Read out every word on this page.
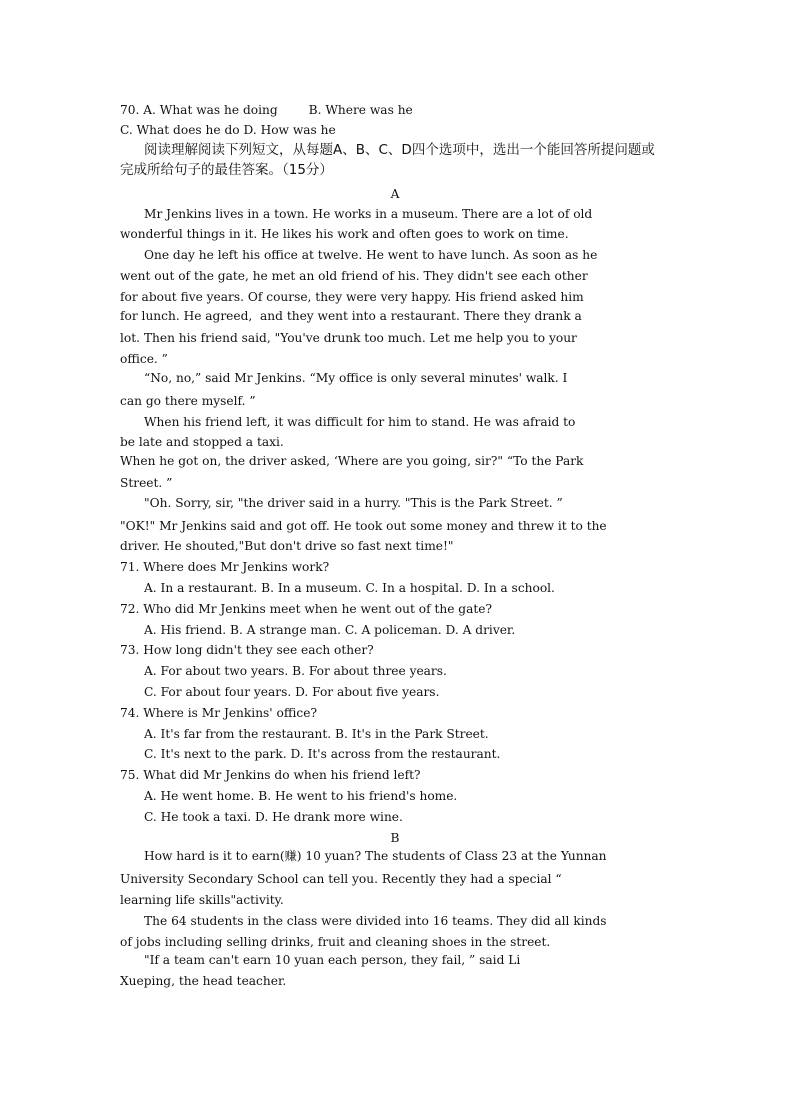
70. A. What was he doing        B. Where was he
C. What does he do D. How was he
阅读理解阅读下列短文，从每题A、B、C、D四个选项中，选出一个能回答所提问题或
完成所给句子的最佳答案。（15分）
A
Mr Jenkins lives in a town. He works in a museum. There are a lot of old
wonderful things in it. He likes his work and often goes to work on time.
One day he left his office at twelve. He went to have lunch. As soon as he
went out of the gate, he met an old friend of his. They didn't see each other
for about five years. Of course, they were very happy. His friend asked him
for lunch. He agreed,  and they went into a restaurant. There they drank a
lot. Then his friend said, "You've drunk too much. Let me help you to your
office. ”
“No, no,” said Mr Jenkins. “My office is only several minutes' walk. I
can go there myself. ”
When his friend left, it was difficult for him to stand. He was afraid to
be late and stopped a taxi.
When he got on, the driver asked, ‘Where are you going, sir?" “To the Park
Street. ”
"Oh. Sorry, sir, "the driver said in a hurry. "This is the Park Street. ”
"OK!" Mr Jenkins said and got off. He took out some money and threw it to the
driver. He shouted,"But don't drive so fast next time!"
71. Where does Mr Jenkins work?
A. In a restaurant. B. In a museum. C. In a hospital. D. In a school.
72. Who did Mr Jenkins meet when he went out of the gate?
A. His friend. B. A strange man. C. A policeman. D. A driver.
73. How long didn't they see each other?
A. For about two years. B. For about three years.
C. For about four years. D. For about five years.
74. Where is Mr Jenkins' office?
A. It's far from the restaurant. B. It's in the Park Street.
C. It's next to the park. D. It's across from the restaurant.
75. What did Mr Jenkins do when his friend left?
A. He went home. B. He went to his friend's home.
C. He took a taxi. D. He drank more wine.
B
How hard is it to earn(赚) 10 yuan? The students of Class 23 at the Yunnan
University Secondary School can tell you. Recently they had a special “
learning life skills"activity.
The 64 students in the class were divided into 16 teams. They did all kinds
of jobs including selling drinks, fruit and cleaning shoes in the street.
"If a team can't earn 10 yuan each person, they fail, ” said Li
Xueping, the head teacher.
